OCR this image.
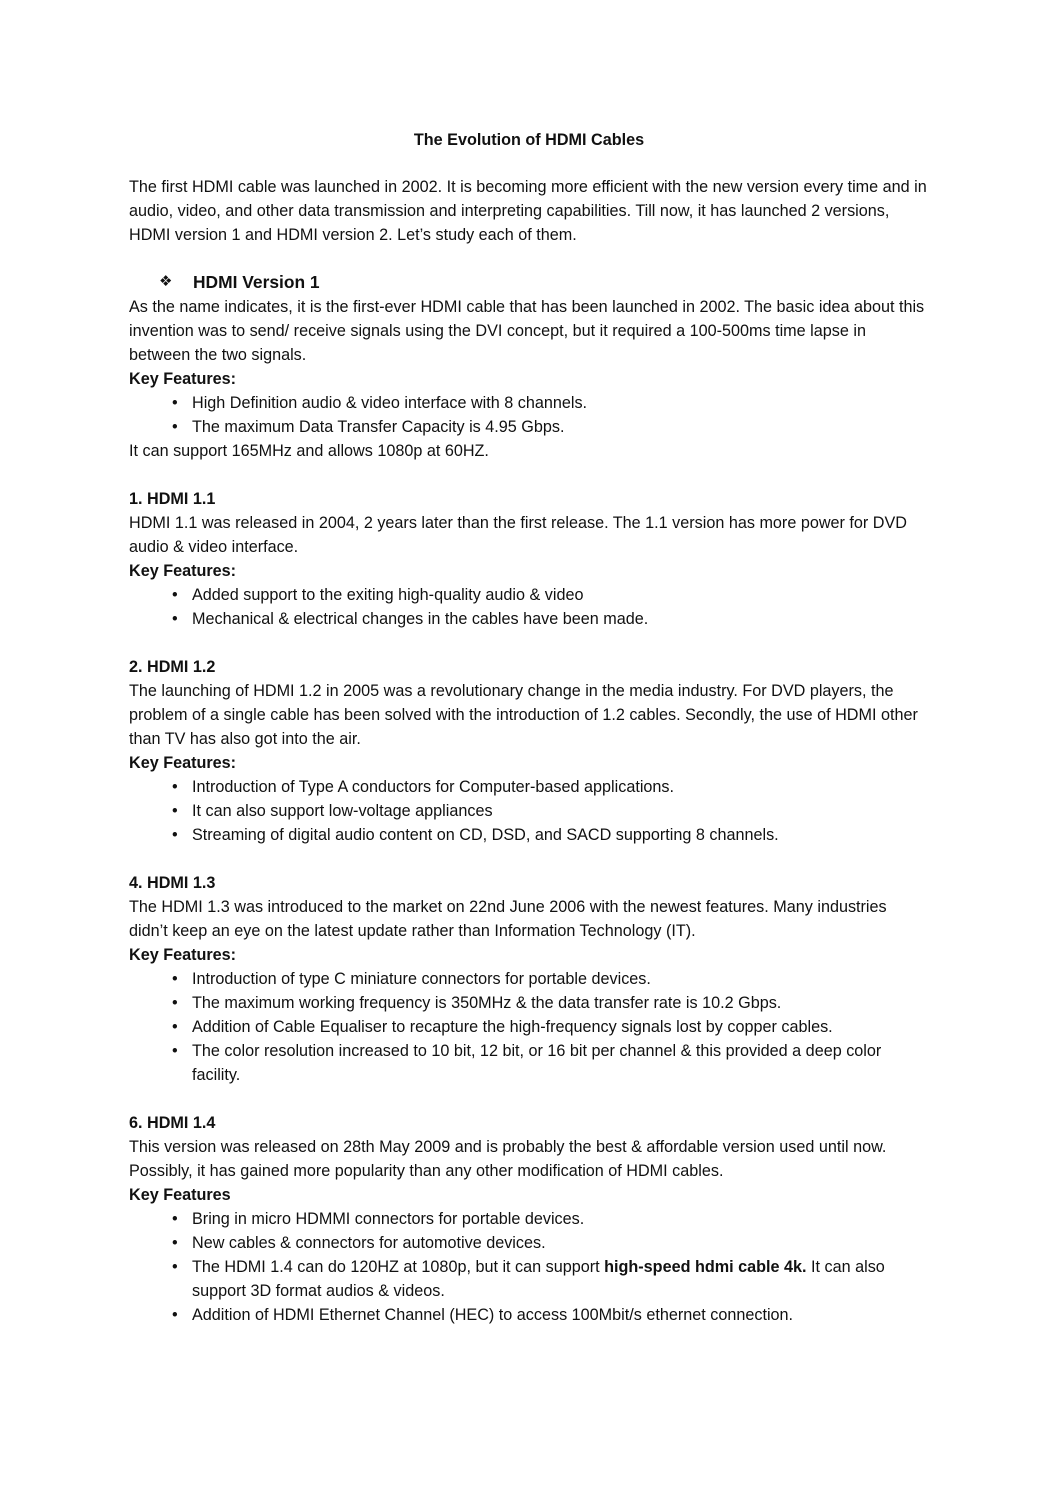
The Evolution of HDMI Cables

The first HDMI cable was launched in 2002. It is becoming more efficient with the new version every time and in audio, video, and other data transmission and interpreting capabilities. Till now, it has launched 2 versions, HDMI version 1 and HDMI version 2. Let’s study each of them.

❖	HDMI Version 1

As the name indicates, it is the first-ever HDMI cable that has been launched in 2002. The basic idea about this invention was to send/ receive signals using the DVI concept, but it required a 100-500ms time lapse in between the two signals.

Key Features:
• High Definition audio & video interface with 8 channels.
• The maximum Data Transfer Capacity is 4.95 Gbps.

It can support 165MHz and allows 1080p at 60HZ.

1. HDMI 1.1

HDMI 1.1 was released in 2004, 2 years later than the first release. The 1.1 version has more power for DVD audio & video interface.

Key Features:
• Added support to the exiting high-quality audio & video
• Mechanical & electrical changes in the cables have been made.
2. HDMI 1.2

The launching of HDMI 1.2 in 2005 was a revolutionary change in the media industry. For DVD players, the problem of a single cable has been solved with the introduction of 1.2 cables. Secondly, the use of HDMI other than TV has also got into the air.

Key Features:
• Introduction of Type A conductors for Computer-based applications.
• It can also support low-voltage appliances
• Streaming of digital audio content on CD, DSD, and SACD supporting 8 channels.
4. HDMI 1.3

The HDMI 1.3 was introduced to the market on 22nd June 2006 with the newest features. Many industries didn’t keep an eye on the latest update rather than Information Technology (IT).

Key Features:
• Introduction of type C miniature connectors for portable devices.
• The maximum working frequency is 350MHz & the data transfer rate is 10.2 Gbps.
• Addition of Cable Equaliser to recapture the high-frequency signals lost by copper cables.
• The color resolution increased to 10 bit, 12 bit, or 16 bit per channel & this provided a deep color facility.
6. HDMI 1.4

This version was released on 28th May 2009 and is probably the best & affordable version used until now. Possibly, it has gained more popularity than any other modification of HDMI cables.

Key Features
• Bring in micro HDMMI connectors for portable devices.
• New cables & connectors for automotive devices.
• The HDMI 1.4 can do 120HZ at 1080p, but it can support high-speed hdmi cable 4k. It can also support 3D format audios & videos.
• Addition of HDMI Ethernet Channel (HEC) to access 100Mbit/s ethernet connection.
